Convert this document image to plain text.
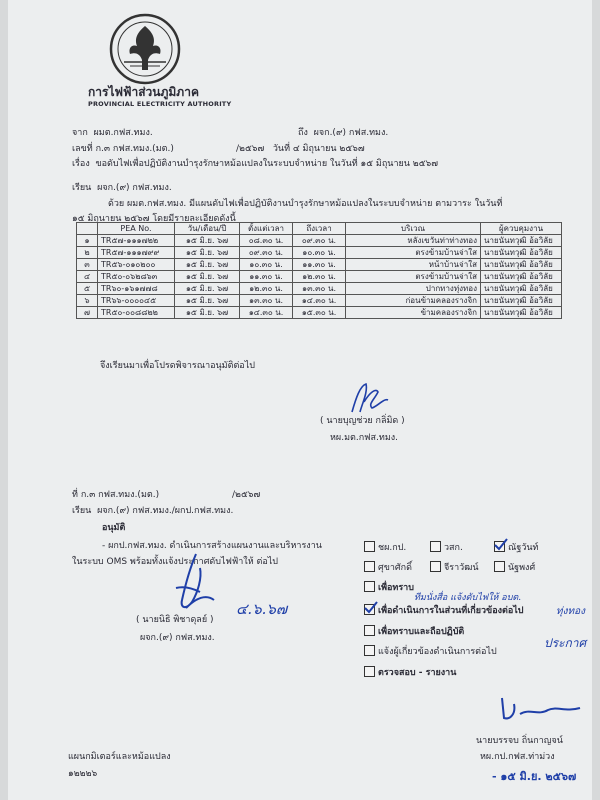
การไฟฟ้าส่วนภูมิภาค
PROVINCIAL ELECTRICITY AUTHORITY
จาก ผมต.กฟส.ทมง.	ถึง ผจก.(๙) กฟส.ทมง.
เลขที่ ก.๓ กฟส.ทมง.(มต.)	/๒๕๖๗ วันที่ ๔ มิถุนายน ๒๕๖๗
เรื่อง ขอดับไฟเพื่อปฏิบัติงานบำรุงรักษาหม้อแปลงในระบบจำหน่าย ในวันที่ ๑๕ มิถุนายน ๒๕๖๗
เรียน ผจก.(๙) กฟส.ทมง.
ด้วย ผมต.กฟส.ทมง. มีแผนดับไฟเพื่อปฏิบัติงานบำรุงรักษาหม้อแปลงในระบบจำหน่าย ตามวาระ ในวันที่
๑๕ มิถุนายน ๒๕๖๗ โดยมีรายละเอียดดังนี้
	PEA No.	วัน/เดือน/ปี	ตั้งแต่เวลา	ถึงเวลา	บริเวณ	ผู้ควบคุมงาน
๑	TR๕๗-๑๑๑๗๒๒	๑๕ มิ.ย. ๖๗	๐๘.๓๐ น.	๐๙.๓๐ น.	หลังเขวันท่าท่างทอง	นายนันทวุฒิ อ้อวิลัย
๒	TR๕๗-๑๑๑๗๙๙	๑๕ มิ.ย. ๖๗	๐๙.๓๐ น.	๑๐.๓๐ น.	ตรงข้ามบ้านจ่าใส	นายนันทวุฒิ อ้อวิลัย
๓	TR๕๖-๐๑๐๒๐๐	๑๕ มิ.ย. ๖๗	๑๐.๓๐ น.	๑๑.๓๐ น.	หน้าบ้านจ่าใส	นายนันทวุฒิ อ้อวิลัย
๔	TR๕๐-๐๖๒๘๖๓	๑๕ มิ.ย. ๖๗	๑๑.๓๐ น.	๑๒.๓๐ น.	ตรงข้ามบ้านจ่าใส	นายนันทวุฒิ อ้อวิลัย
๕	TR๖๐-๑๖๑๗๗๘	๑๕ มิ.ย. ๖๗	๑๒.๓๐ น.	๑๓.๓๐ น.	ปากทางทุ่งทอง	นายนันทวุฒิ อ้อวิลัย
๖	TR๖๖-๐๐๐๐๔๕	๑๕ มิ.ย. ๖๗	๑๓.๓๐ น.	๑๔.๓๐ น.	ก่อนข้ามคลองรางจิก	นายนันทวุฒิ อ้อวิลัย
๗	TR๕๐-๐๐๘๘๒๒	๑๕ มิ.ย. ๖๗	๑๔.๓๐ น.	๑๕.๓๐ น.	ข้ามคลองรางจิก	นายนันทวุฒิ อ้อวิลัย
จึงเรียนมาเพื่อโปรดพิจารณาอนุมัติต่อไป
( นายบุญช่วย กลิ่มิด )
หผ.มต.กฟส.ทมง.
ที่ ก.๓ กฟส.ทมง.(มต.)	/๒๕๖๗
เรียน ผจก.(๙) กฟส.ทมง./ผกป.กฟส.ทมง.
อนุมัติ
- ผกป.กฟส.ทมง. ดำเนินการสร้างแผนงานและบริหารงาน
ในระบบ OMS พร้อมทั้งแจ้งประกาศดับไฟฟ้าให้ ต่อไป
๔.๖.๖๗
( นายนิธิ พิชาดุลย์ )
ผจก.(๙) กฟส.ทมง.
ชผ.กป.	วสก.	ณัฐวันท์
ศุขาศักดิ์	จีราวัฒน์	นัฐพงศ์
เพื่อทราบ
เพื่อดำเนินการในส่วนที่เกี่ยวข้องต่อไป
เพื่อทราบและถือปฏิบัติ
แจ้งผู้เกี่ยวข้องดำเนินการต่อไป
ตรวจสอบ - รายงาน
ทีมนั่งสื่อ แจ้งดับไฟให้ อบต.
ทุ่งทอง
ประกาศ
นายบรรจบ ถิ่นกาญจน์
หผ.กป.กฟส.ท่าม่วง
- ๑๕ มิ.ย. ๒๕๖๗
แผนกมิเตอร์และหม้อแปลง
๑๒๒๒๖
